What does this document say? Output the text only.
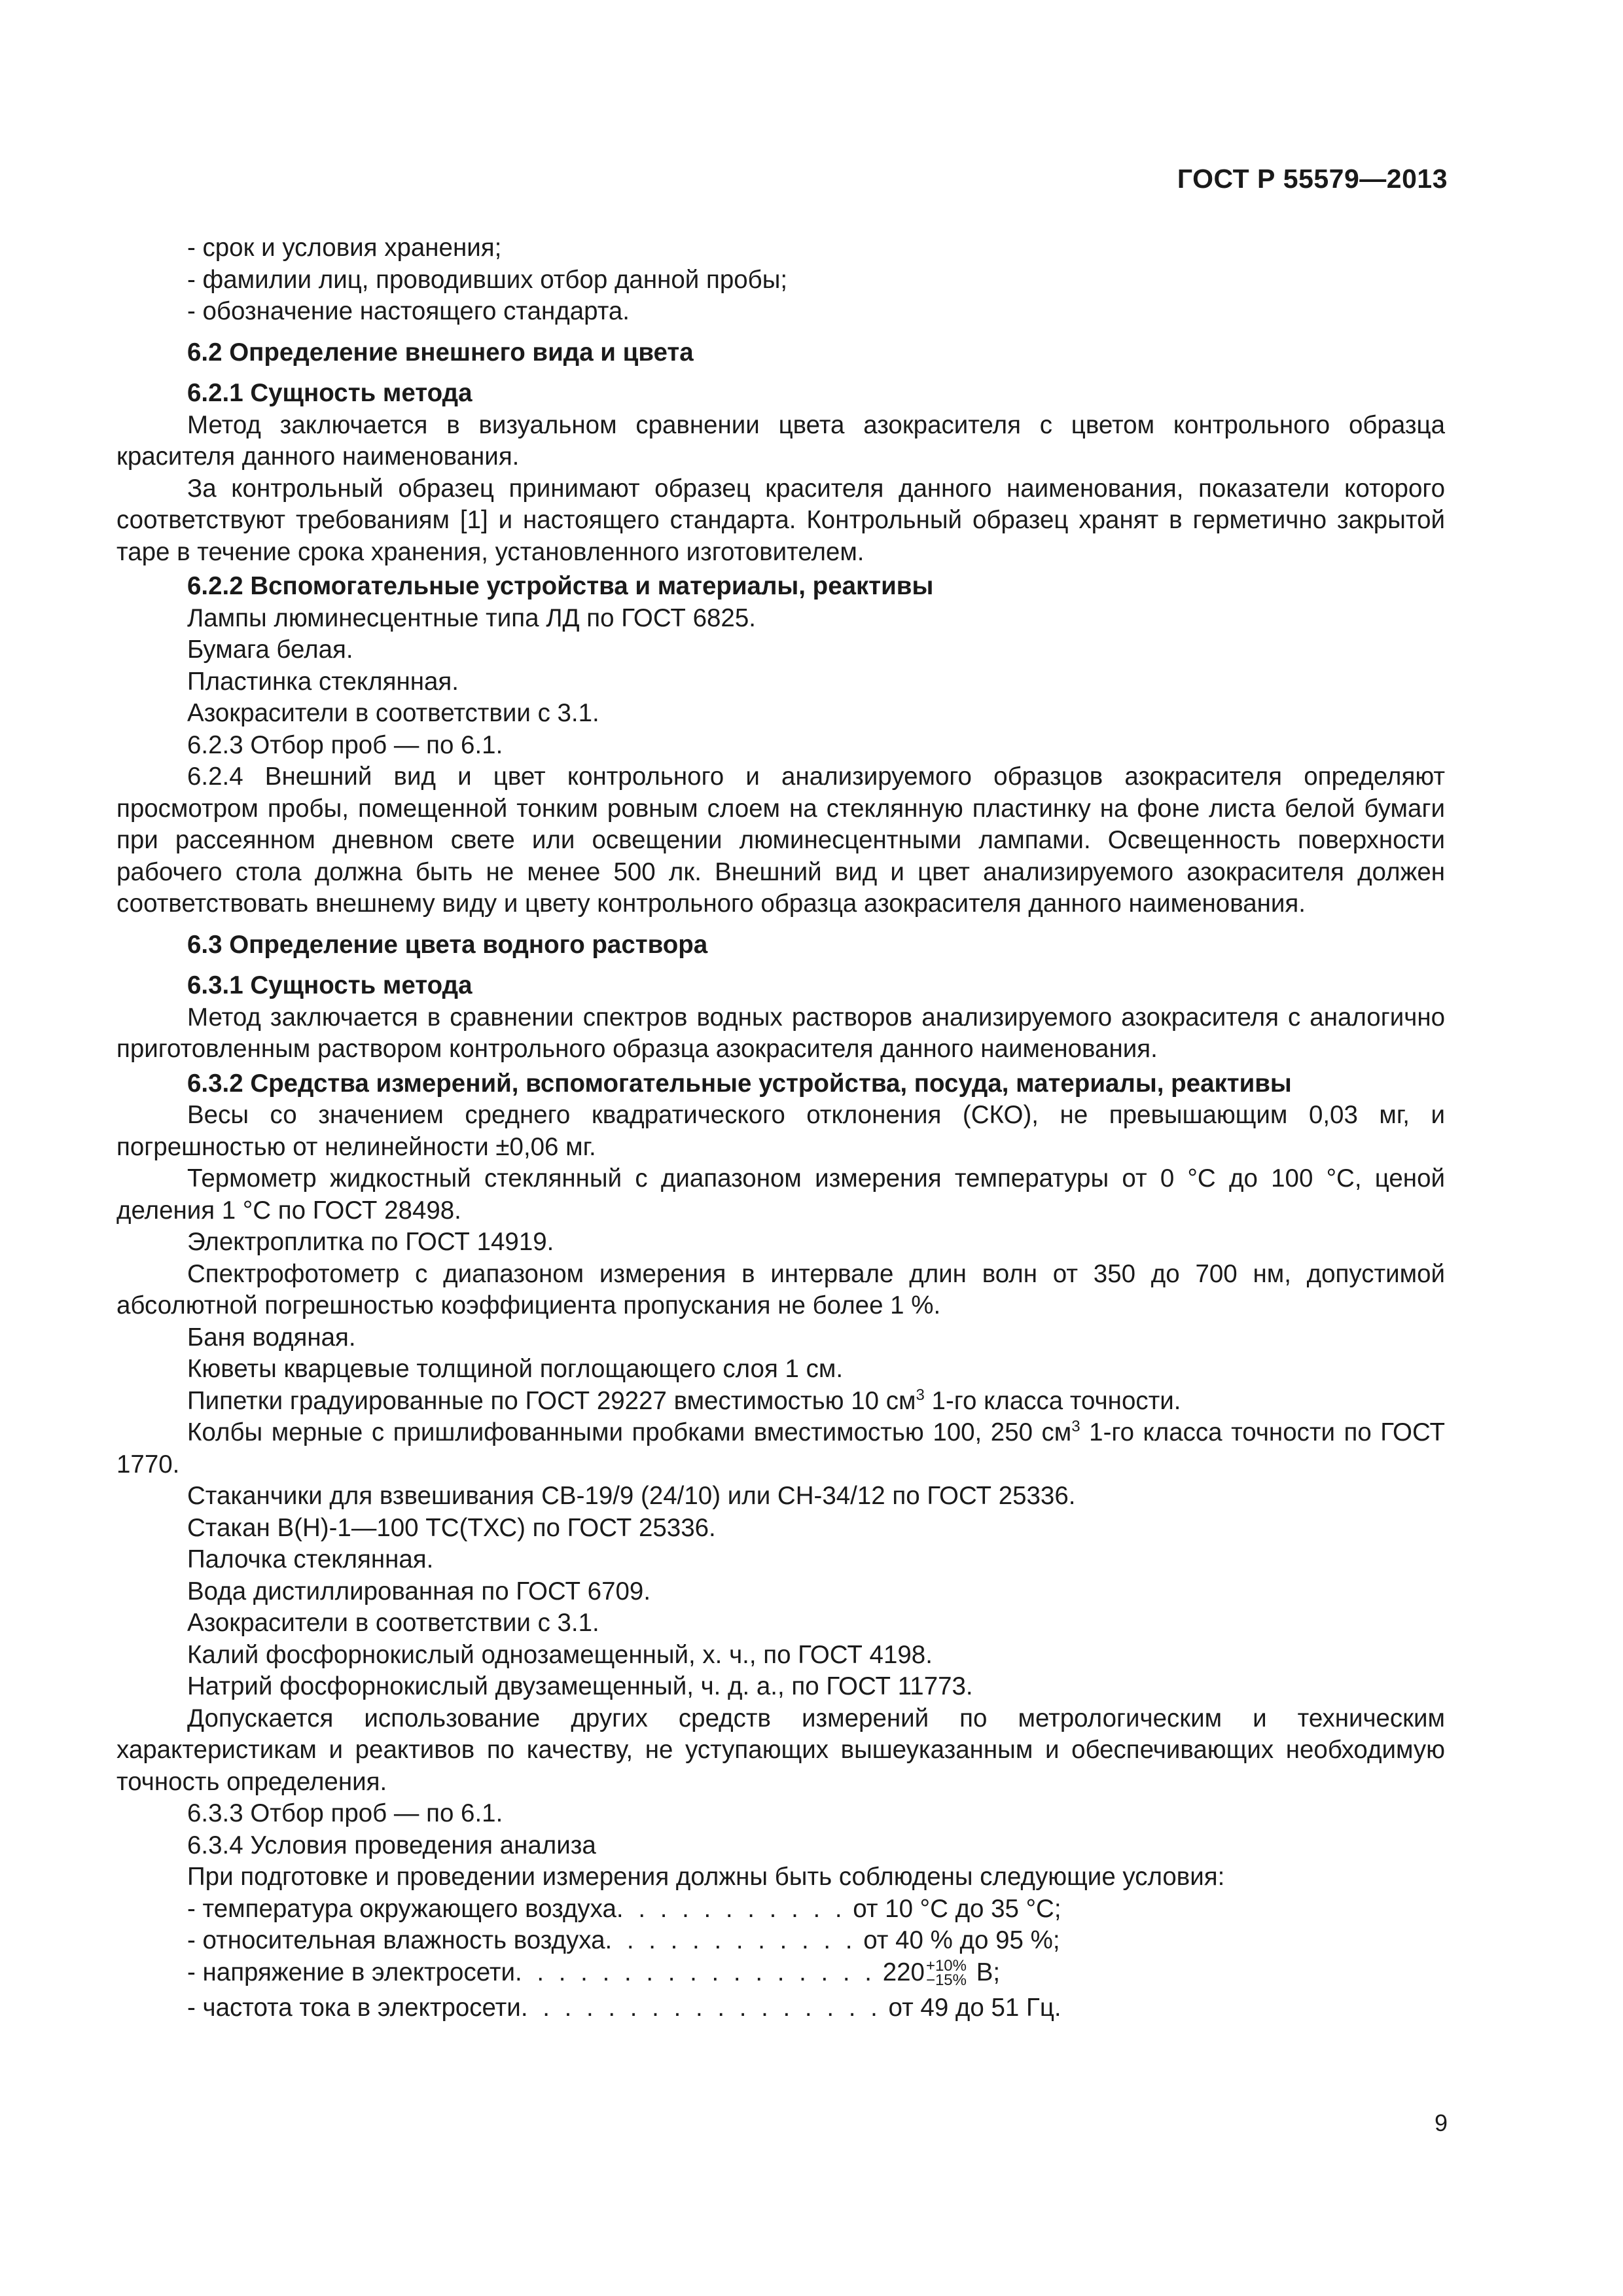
ГОСТ Р 55579—2013

- срок и условия хранения;

- фамилии лиц, проводивших отбор данной пробы;

- обозначение настоящего стандарта.

6.2 Определение внешнего вида и цвета

6.2.1 Сущность метода

Метод заключается в визуальном сравнении цвета азокрасителя с цветом контрольного образца красителя данного наименования.

За контрольный образец принимают образец красителя данного наименования, показатели которого соответствуют требованиям [1] и настоящего стандарта. Контрольный образец хранят в герметично закрытой таре в течение срока хранения, установленного изготовителем.

6.2.2 Вспомогательные устройства и материалы, реактивы

Лампы люминесцентные типа ЛД по ГОСТ 6825.

Бумага белая.

Пластинка стеклянная.

Азокрасители в соответствии с 3.1.

6.2.3 Отбор проб — по 6.1.

6.2.4 Внешний вид и цвет контрольного и анализируемого образцов азокрасителя определяют просмотром пробы, помещенной тонким ровным слоем на стеклянную пластинку на фоне листа белой бумаги при рассеянном дневном свете или освещении люминесцентными лампами. Освещенность поверхности рабочего стола должна быть не менее 500 лк. Внешний вид и цвет анализируемого азокрасителя должен соответствовать внешнему виду и цвету контрольного образца азокрасителя данного наименования.

6.3 Определение цвета водного раствора

6.3.1 Сущность метода

Метод заключается в сравнении спектров водных растворов анализируемого азокрасителя с аналогично приготовленным раствором контрольного образца азокрасителя данного наименования.

6.3.2 Средства измерений, вспомогательные устройства, посуда, материалы, реактивы

Весы со значением среднего квадратического отклонения (СКО), не превышающим 0,03 мг, и погрешностью от нелинейности ±0,06 мг.

Термометр жидкостный стеклянный с диапазоном измерения температуры от 0 °С до 100 °С, ценой деления 1 °С по ГОСТ 28498.

Электроплитка по ГОСТ 14919.

Спектрофотометр с диапазоном измерения в интервале длин волн от 350 до 700 нм, допустимой абсолютной погрешностью коэффициента пропускания не более 1 %.

Баня водяная.

Кюветы кварцевые толщиной поглощающего слоя 1 см.

Пипетки градуированные по ГОСТ 29227 вместимостью 10 $см^3$ 1-го класса точности.

Колбы мерные с пришлифованными пробками вместимостью 100, 250 $см^3$ 1-го класса точности по ГОСТ 1770.

Стаканчики для взвешивания СВ-19/9 (24/10) или СН-34/12 по ГОСТ 25336.

Стакан В(Н)-1—100 ТС(ТХС) по ГОСТ 25336.

Палочка стеклянная.

Вода дистиллированная по ГОСТ 6709.

Азокрасители в соответствии с 3.1.

Калий фосфорнокислый однозамещенный, х. ч., по ГОСТ 4198.

Натрий фосфорнокислый двузамещенный, ч. д. а., по ГОСТ 11773.

Допускается использование других средств измерений по метрологическим и техническим характеристикам и реактивов по качеству, не уступающих вышеуказанным и обеспечивающих необходимую точность определения.

6.3.3 Отбор проб — по 6.1.

6.3.4 Условия проведения анализа

При подготовке и проведении измерения должны быть соблюдены следующие условия:

- температура окружающего воздуха. . . . . . . . . . . от 10 °С до 35 °С;

- относительная влажность воздуха. . . . . . . . . . . . от 40 % до 95 %;

- напряжение в электросети. . . . . . . . . . . . . . . . . 220 +10%
−15% В;

- частота тока в электросети. . . . . . . . . . . . . . . . . от 49 до 51 Гц.

9
